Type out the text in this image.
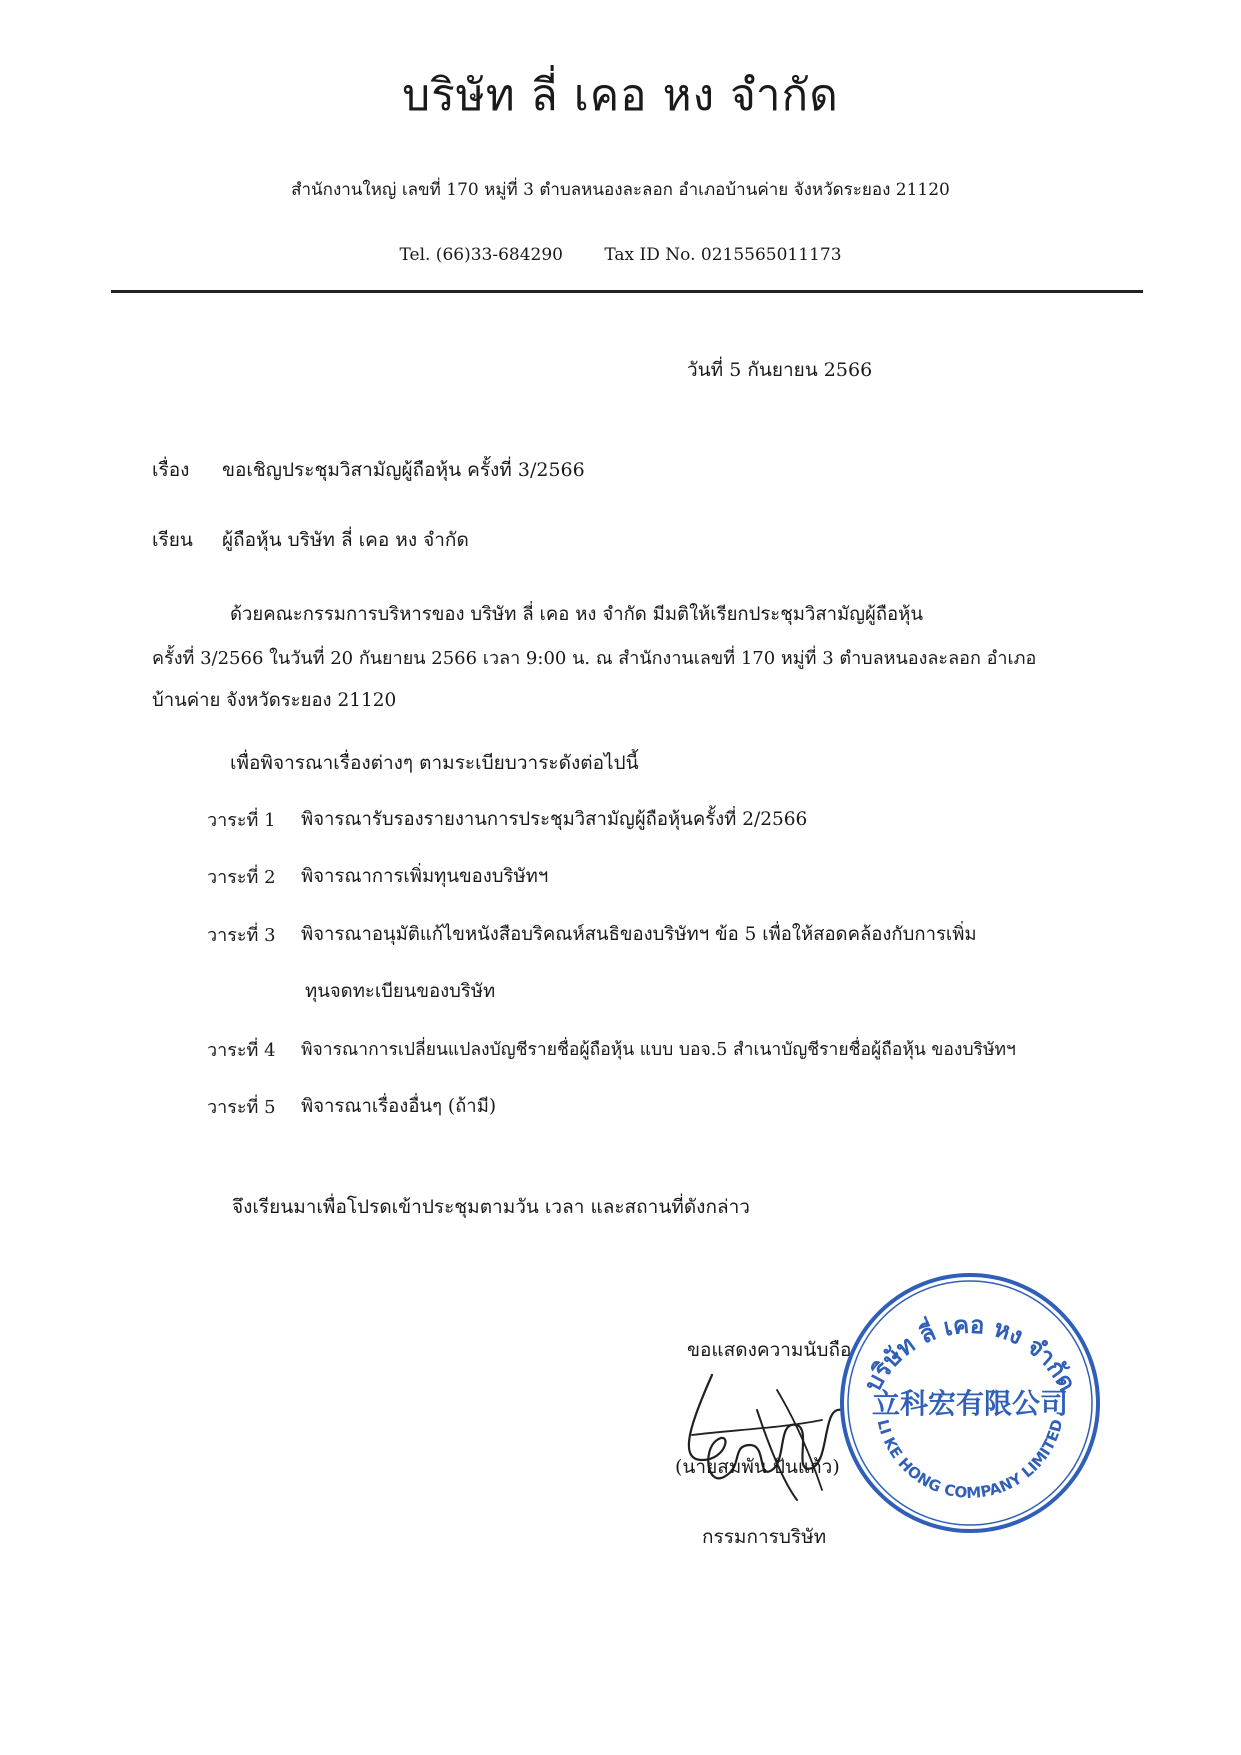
บริษัท ลี่ เคอ หง จำกัด
สำนักงานใหญ่ เลขที่ 170 หมู่ที่ 3 ตำบลหนองละลอก อำเภอบ้านค่าย จังหวัดระยอง 21120
Tel. (66)33-684290 Tax ID No. 0215565011173
วันที่ 5 กันยายน 2566
เรื่อง ขอเชิญประชุมวิสามัญผู้ถือหุ้น ครั้งที่ 3/2566
เรียน ผู้ถือหุ้น บริษัท ลี่ เคอ หง จำกัด
ด้วยคณะกรรมการบริหารของ บริษัท ลี่ เคอ หง จำกัด มีมติให้เรียกประชุมวิสามัญผู้ถือหุ้น
ครั้งที่ 3/2566 ในวันที่ 20 กันยายน 2566 เวลา 9:00 น. ณ สำนักงานเลขที่ 170 หมู่ที่ 3 ตำบลหนองละลอก อำเภอ
บ้านค่าย จังหวัดระยอง 21120
เพื่อพิจารณาเรื่องต่างๆ ตามระเบียบวาระดังต่อไปนี้
วาระที่ 1 พิจารณารับรองรายงานการประชุมวิสามัญผู้ถือหุ้นครั้งที่ 2/2566
วาระที่ 2 พิจารณาการเพิ่มทุนของบริษัทฯ
วาระที่ 3 พิจารณาอนุมัติแก้ไขหนังสือบริคณห์สนธิของบริษัทฯ ข้อ 5 เพื่อให้สอดคล้องกับการเพิ่ม
ทุนจดทะเบียนของบริษัท
วาระที่ 4 พิจารณาการเปลี่ยนแปลงบัญชีรายชื่อผู้ถือหุ้น แบบ บอจ.5 สำเนาบัญชีรายชื่อผู้ถือหุ้น ของบริษัทฯ
วาระที่ 5 พิจารณาเรื่องอื่นๆ (ถ้ามี)
จึงเรียนมาเพื่อโปรดเข้าประชุมตามวัน เวลา และสถานที่ดังกล่าว
ขอแสดงความนับถือ
บริษัท ลี่ เคอ หง จำกัด
立科宏有限公司
LI KE HONG COMPANY LIMITED
(นายสมพัน ปันแก้ว)
กรรมการบริษัท
